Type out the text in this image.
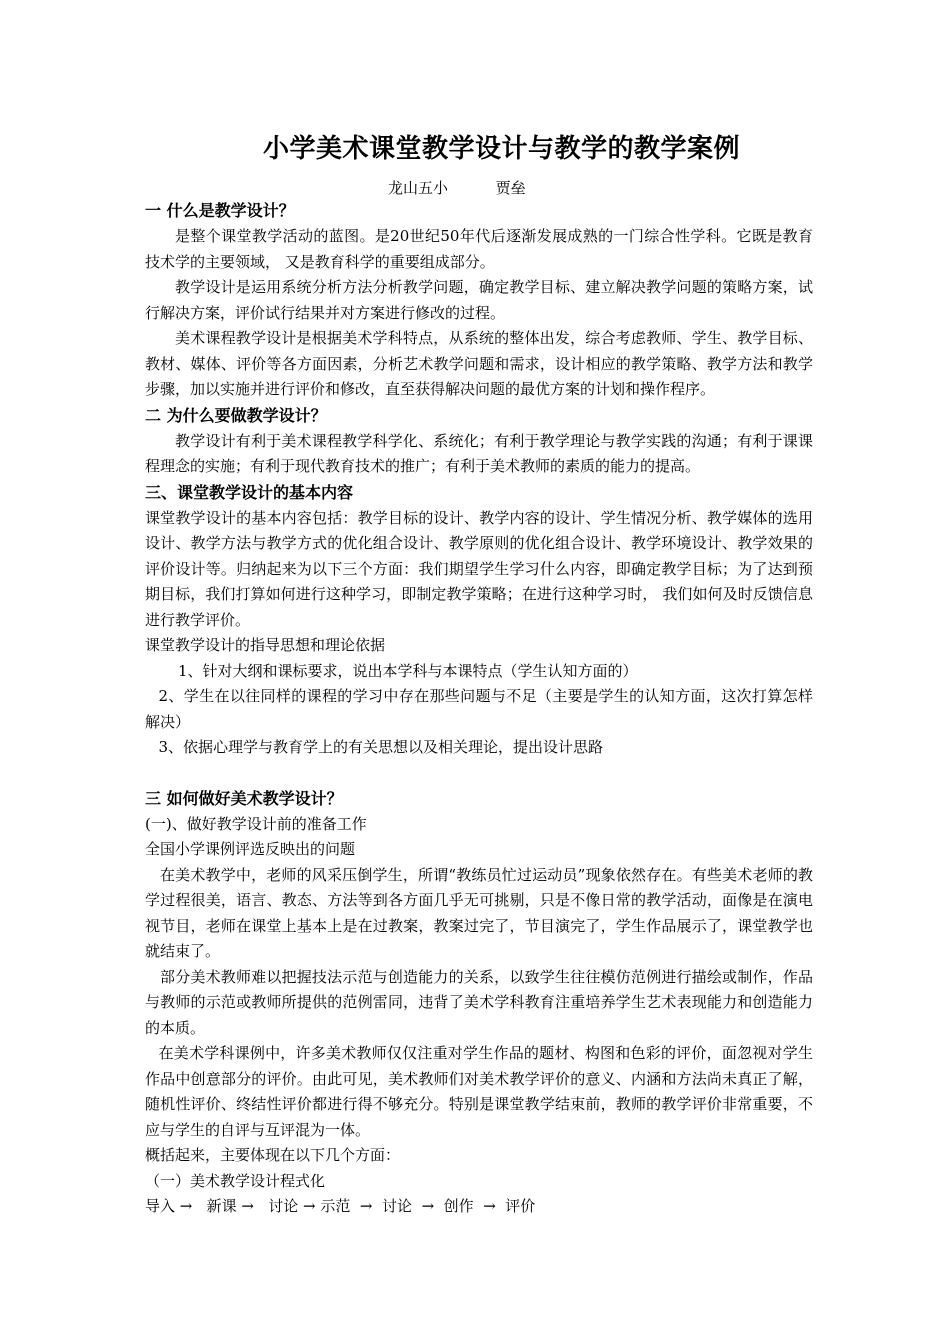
小学美术课堂教学设计与教学的教学案例
龙山五小          贾垒
一 什么是教学设计？

是整个课堂教学活动的蓝图。是20世纪50年代后逐渐发展成熟的一门综合性学科。它既是教育技术学的主要领域， 又是教育科学的重要组成部分。

教学设计是运用系统分析方法分析教学问题，确定教学目标、建立解决教学问题的策略方案，试行解决方案，评价试行结果并对方案进行修改的过程。

美术课程教学设计是根据美术学科特点，从系统的整体出发，综合考虑教师、学生、教学目标、教材、媒体、评价等各方面因素，分析艺术教学问题和需求，设计相应的教学策略、教学方法和教学步骤，加以实施并进行评价和修改，直至获得解决问题的最优方案的计划和操作程序。

二 为什么要做教学设计？

教学设计有利于美术课程教学科学化、系统化；有利于教学理论与教学实践的沟通；有利于课课程理念的实施；有利于现代教育技术的推广；有利于美术教师的素质的能力的提高。

三、课堂教学设计的基本内容

课堂教学设计的基本内容包括：教学目标的设计、教学内容的设计、学生情况分析、教学媒体的选用设计、教学方法与教学方式的优化组合设计、教学原则的优化组合设计、教学环境设计、教学效果的评价设计等。归纳起来为以下三个方面：我们期望学生学习什么内容，即确定教学目标；为了达到预期目标，我们打算如何进行这种学习，即制定教学策略；在进行这种学习时， 我们如何及时反馈信息进行教学评价。

课堂教学设计的指导思想和理论依据

1、针对大纲和课标要求，说出本学科与本课特点（学生认知方面的）

2、学生在以往同样的课程的学习中存在那些问题与不足（主要是学生的认知方面，这次打算怎样解决）

3、依据心理学与教育学上的有关思想以及相关理论，提出设计思路

三 如何做好美术教学设计？

(一)、做好教学设计前的准备工作

全国小学课例评选反映出的问题

在美术教学中，老师的风采压倒学生，所谓“教练员忙过运动员”现象依然存在。有些美术老师的教学过程很美，语言、教态、方法等到各方面几乎无可挑剔，只是不像日常的教学活动，面像是在演电视节目，老师在课堂上基本上是在过教案，教案过完了，节目演完了，学生作品展示了，课堂教学也就结束了。

部分美术教师难以把握技法示范与创造能力的关系，以致学生往往模仿范例进行描绘或制作，作品与教师的示范或教师所提供的范例雷同，违背了美术学科教育注重培养学生艺术表现能力和创造能力的本质。

在美术学科课例中，许多美术教师仅仅注重对学生作品的题材、构图和色彩的评价，面忽视对学生作品中创意部分的评价。由此可见，美术教师们对美术教学评价的意义、内涵和方法尚未真正了解，随机性评价、终结性评价都进行得不够充分。特别是课堂教学结束前，教师的教学评价非常重要，不应与学生的自评与互评混为一体。

概括起来，主要体现在以下几个方面：

（一）美术教学设计程式化

导入 →   新课 →   讨论 → 示范  →  讨论  →  创作  →  评价
